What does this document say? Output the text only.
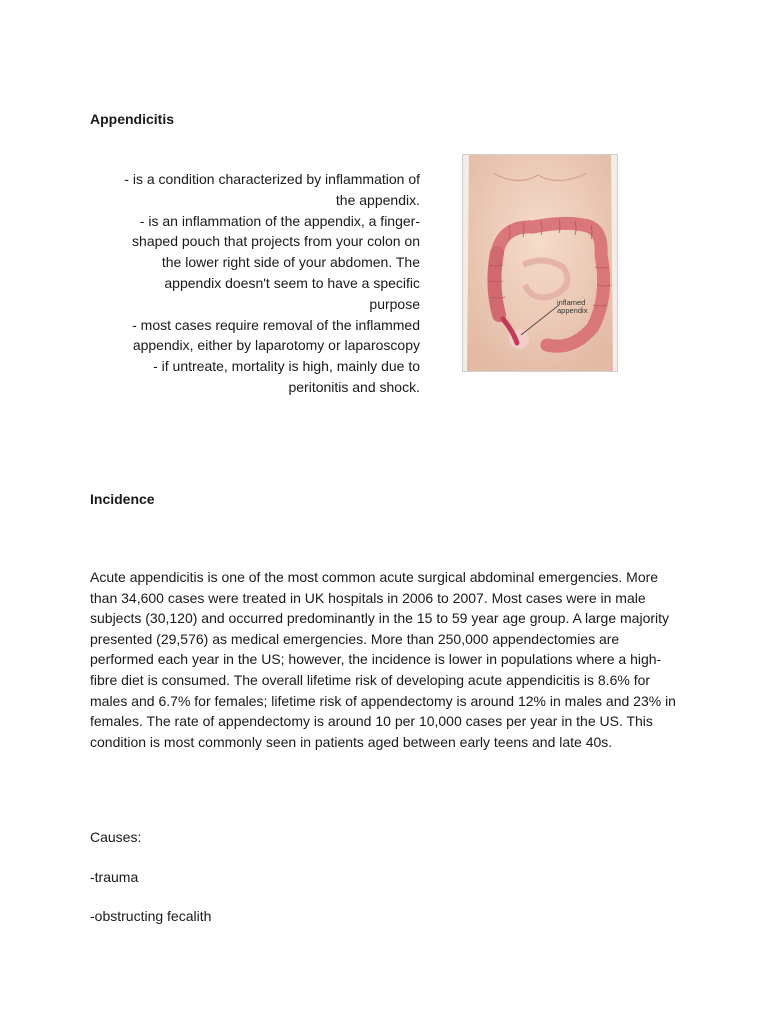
Appendicitis
- is a condition characterized by inflammation of
the appendix.
- is an inflammation of the appendix, a finger-
shaped pouch that projects from your colon on
the lower right side of your abdomen. The
appendix doesn't seem to have a specific
purpose
- most cases require removal of the inflammed
appendix, either by laparotomy or laparoscopy
- if untreate, mortality is high, mainly due to
peritonitis and shock.
inflamed
appendix
Incidence
Acute appendicitis is one of the most common acute surgical abdominal emergencies. More than 34,600 cases were treated in UK hospitals in 2006 to 2007. Most cases were in male subjects (30,120) and occurred predominantly in the 15 to 59 year age group. A large majority presented (29,576) as medical emergencies. More than 250,000 appendectomies are performed each year in the US; however, the incidence is lower in populations where a high-fibre diet is consumed. The overall lifetime risk of developing acute appendicitis is 8.6% for males and 6.7% for females; lifetime risk of appendectomy is around 12% in males and 23% in females. The rate of appendectomy is around 10 per 10,000 cases per year in the US. This condition is most commonly seen in patients aged between early teens and late 40s.
Causes:
-trauma
-obstructing fecalith
